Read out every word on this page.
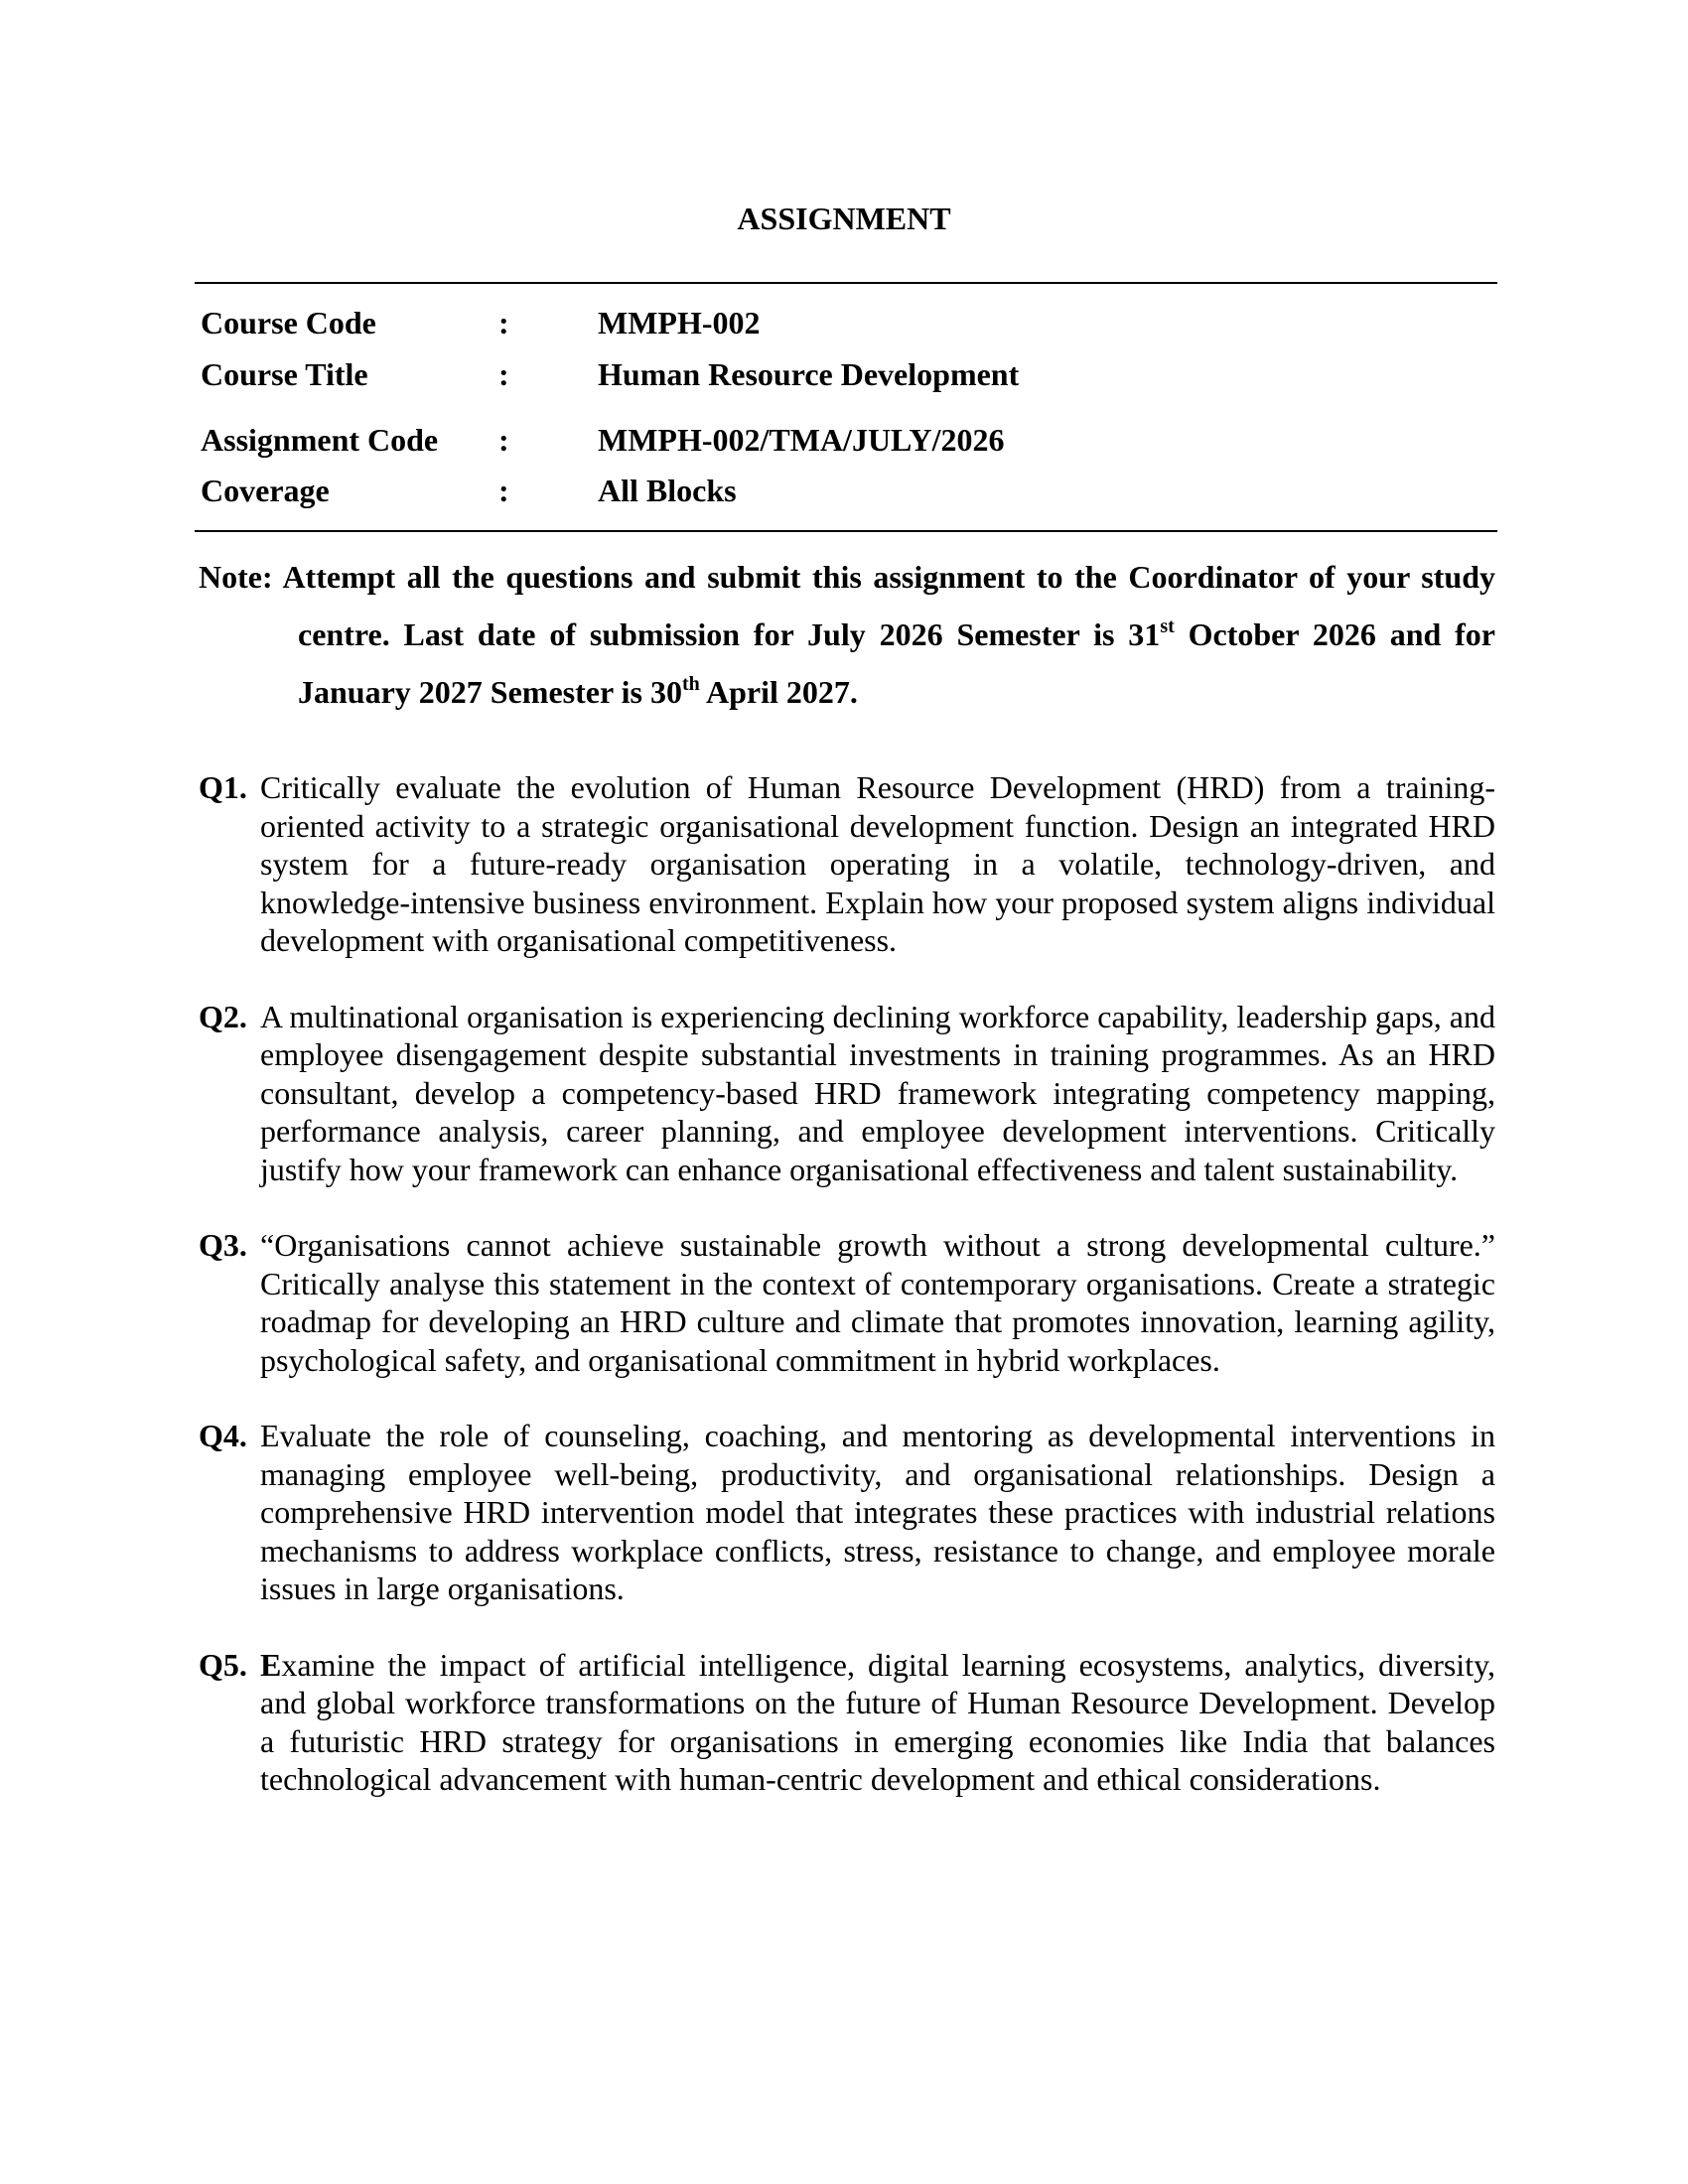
ASSIGNMENT
Course Code	:	MMPH-002
Course Title	:	Human Resource Development
Assignment Code	:	MMPH-002/TMA/JULY/2026
Coverage	:	All Blocks

Note: Attempt all the questions and submit this assignment to the Coordinator of your study centre. Last date of submission for July 2026 Semester is 31st October 2026 and for January 2027 Semester is 30th April 2027.

Q1. Critically evaluate the evolution of Human Resource Development (HRD) from a training-oriented activity to a strategic organisational development function. Design an integrated HRD system for a future-ready organisation operating in a volatile, technology-driven, and knowledge-intensive business environment. Explain how your proposed system aligns individual development with organisational competitiveness.
Q2. A multinational organisation is experiencing declining workforce capability, leadership gaps, and employee disengagement despite substantial investments in training programmes. As an HRD consultant, develop a competency-based HRD framework integrating competency mapping, performance analysis, career planning, and employee development interventions. Critically justify how your framework can enhance organisational effectiveness and talent sustainability.
Q3. “Organisations cannot achieve sustainable growth without a strong developmental culture.” Critically analyse this statement in the context of contemporary organisations. Create a strategic roadmap for developing an HRD culture and climate that promotes innovation, learning agility, psychological safety, and organisational commitment in hybrid workplaces.
Q4. Evaluate the role of counseling, coaching, and mentoring as developmental interventions in managing employee well-being, productivity, and organisational relationships. Design a comprehensive HRD intervention model that integrates these practices with industrial relations mechanisms to address workplace conflicts, stress, resistance to change, and employee morale issues in large organisations.
Q5. Examine the impact of artificial intelligence, digital learning ecosystems, analytics, diversity, and global workforce transformations on the future of Human Resource Development. Develop a futuristic HRD strategy for organisations in emerging economies like India that balances technological advancement with human-centric development and ethical considerations.
